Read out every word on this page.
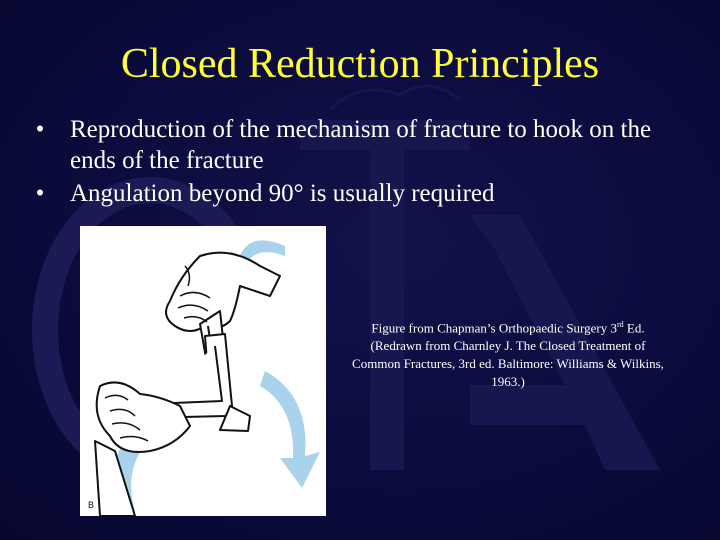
Closed Reduction Principles
• Reproduction of the mechanism of fracture to hook on the ends of the fracture
• Angulation beyond 90° is usually required
B
Figure from Chapman’s Orthopaedic Surgery 3rd Ed. (Redrawn from Charnley J. The Closed Treatment of Common Fractures, 3rd ed. Baltimore: Williams & Wilkins, 1963.)
